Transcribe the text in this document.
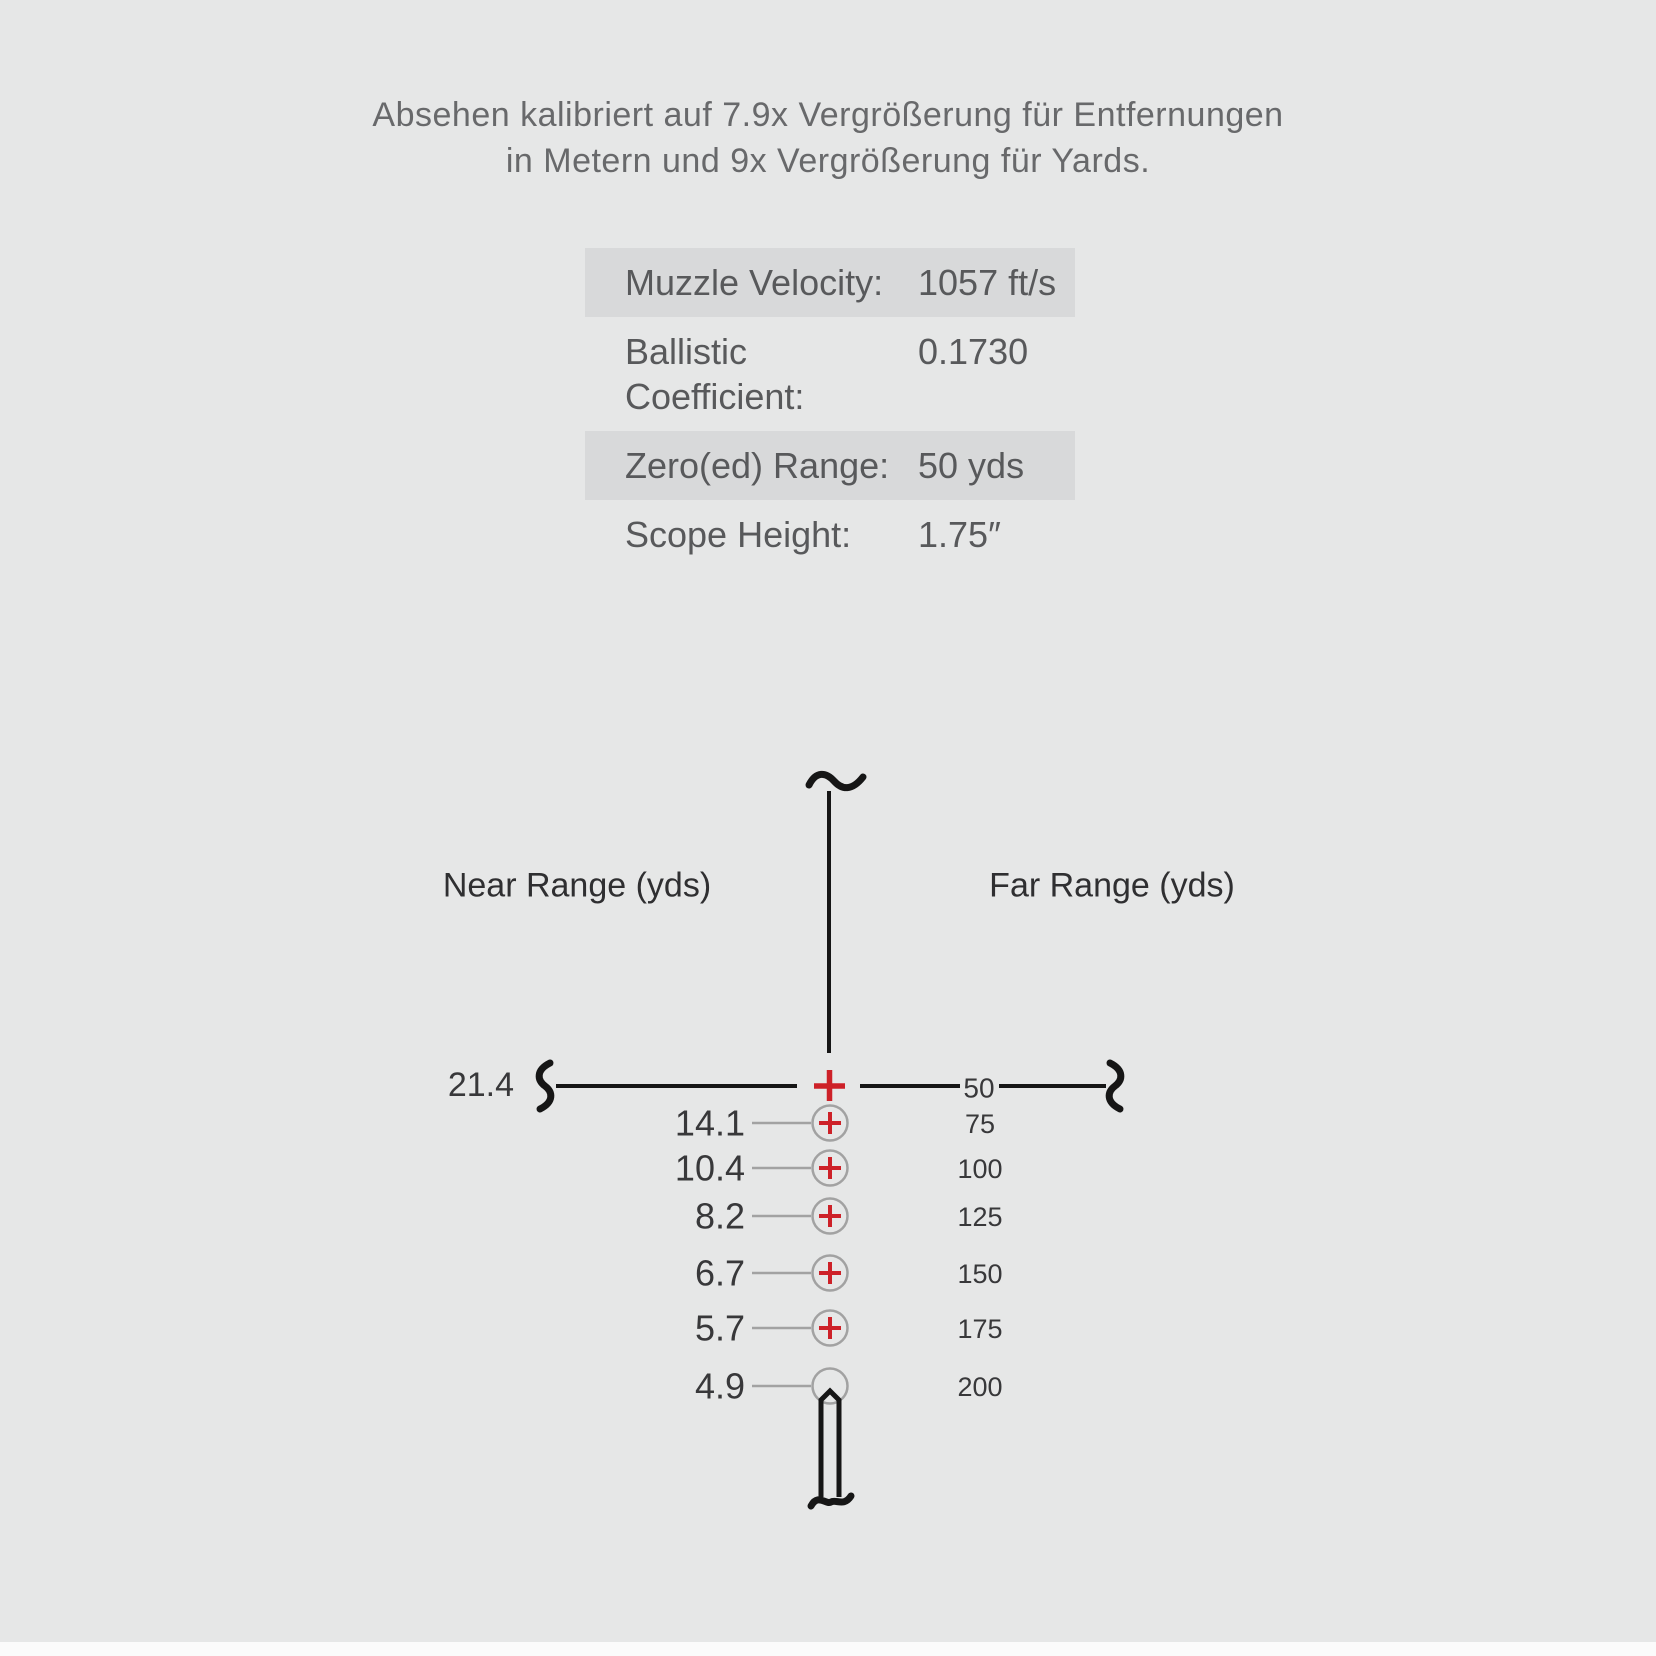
Absehen kalibriert auf 7.9x Vergrößerung für Entfernungen
in Metern und 9x Vergrößerung für Yards.
Muzzle Velocity: 1057 ft/s
Ballistic Coefficient:
0.1730
Zero(ed) Range: 50 yds
Scope Height:	1.75″
Near Range (yds)	Far Range (yds)
21.4	50
14.1	75
10.4	100
8.2	125
6.7	150
5.7	175
4.9	200
